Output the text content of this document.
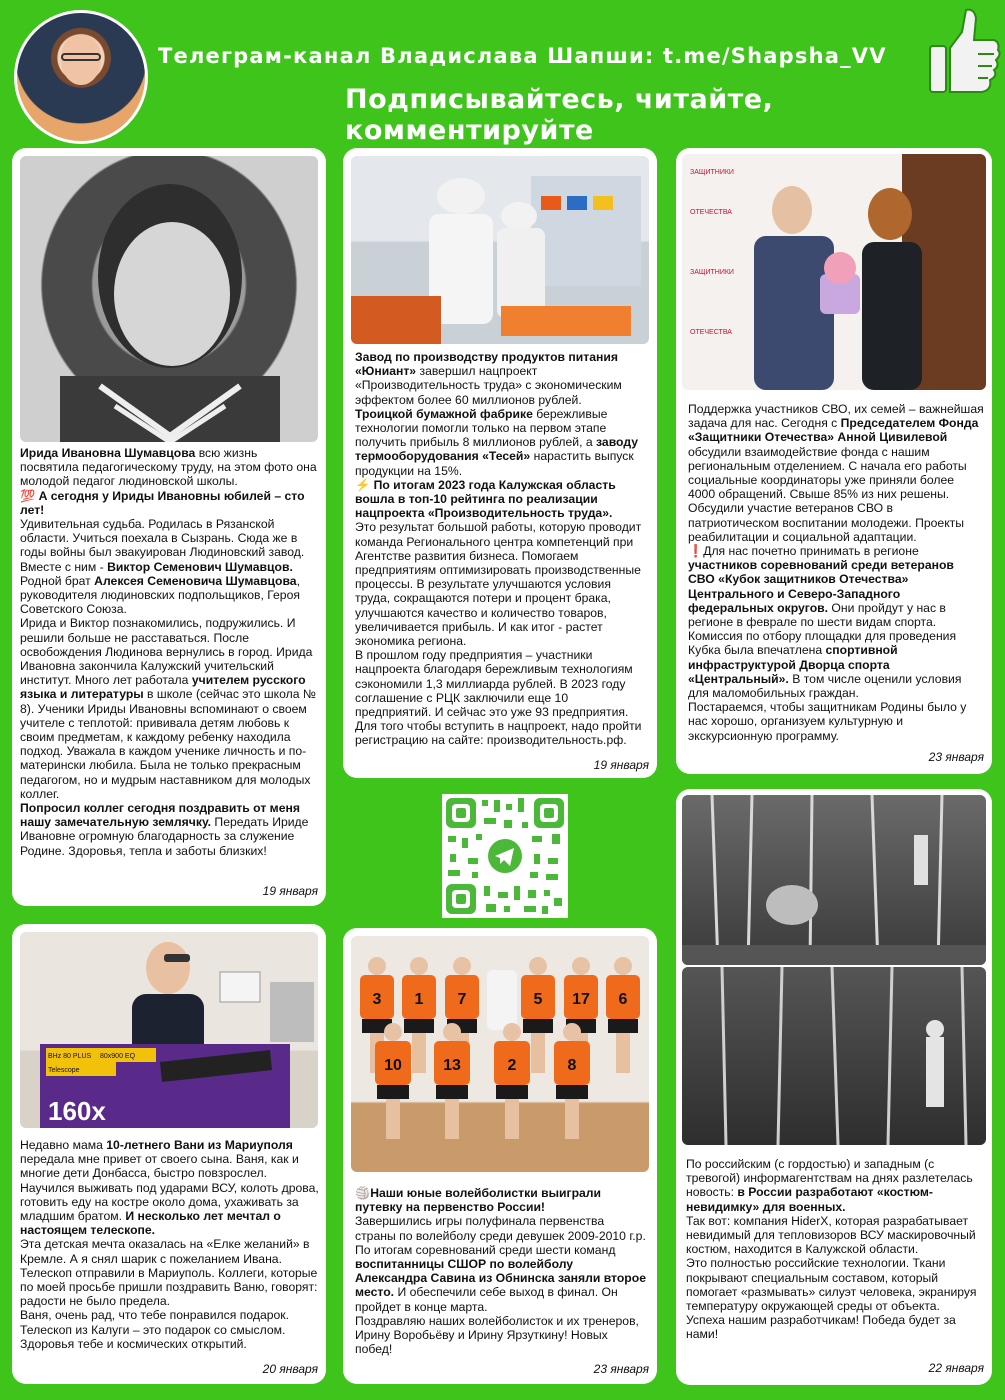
Телеграм-канал Владислава Шапши: t.me/Shapsha_VV
Подписывайтесь, читайте, комментируйте

Ирида Ивановна Шумавцова всю жизнь посвятила педагогическому труду, на этом фото она молодой педагог людиновской школы.

💯 А сегодня у Ириды Ивановны юбилей – сто лет!

Удивительная судьба. Родилась в Рязанской области. Учиться поехала в Сызрань. Сюда же в годы войны был эвакуирован Людиновский завод. Вместе с ним - Виктор Семенович Шумавцов. Родной брат Алексея Семеновича Шумавцова, руководителя людиновских подпольщиков, Героя Советского Союза.

Ирида и Виктор познакомились, подружились. И решили больше не расставаться. После освобождения Людинова вернулись в город. Ирида Ивановна закончила Калужский учительский институт. Много лет работала учителем русского языка и литературы в школе (сейчас это школа № 8). Ученики Ириды Ивановны вспоминают о своем учителе с теплотой: прививала детям любовь к своим предметам, к каждому ребенку находила подход. Уважала в каждом ученике личность и по-матерински любила. Была не только прекрасным педагогом, но и мудрым наставником для молодых коллег.

Попросил коллег сегодня поздравить от меня нашу замечательную землячку. Передать Ириде Ивановне огромную благодарность за служение Родине. Здоровья, тепла и заботы близких!

19 января

Завод по производству продуктов питания «Юниант» завершил нацпроект «Производительность труда» с экономическим эффектом более 60 миллионов рублей.

Троицкой бумажной фабрике бережливые технологии помогли только на первом этапе получить прибыль 8 миллионов рублей, а заводу термооборудования «Тесей» нарастить выпуск продукции на 15%.

⚡ По итогам 2023 года Калужская область вошла в топ-10 рейтинга по реализации нацпроекта «Производительность труда».

Это результат большой работы, которую проводит команда Регионального центра компетенций при Агентстве развития бизнеса. Помогаем предприятиям оптимизировать производственные процессы. В результате улучшаются условия труда, сокращаются потери и процент брака, улучшаются качество и количество товаров, увеличивается прибыль. И как итог - растет экономика региона.

В прошлом году предприятия – участники нацпроекта благодаря бережливым технологиям сэкономили 1,3 миллиарда рублей. В 2023 году соглашение с РЦК заключили еще 10 предприятий. И сейчас это уже 93 предприятия.

Для того чтобы вступить в нацпроект, надо пройти регистрацию на сайте: производительность.рф.

19 января
ЗАЩИТНИКИ
ОТЕЧЕСТВА
ЗАЩИТНИКИ
ОТЕЧЕСТВА

Поддержка участников СВО, их семей – важнейшая задача для нас. Сегодня с Председателем Фонда «Защитники Отечества» Анной Цивилевой обсудили взаимодействие фонда с нашим региональным отделением. С начала его работы социальные координаторы уже приняли более 4000 обращений. Свыше 85% из них решены.

Обсудили участие ветеранов СВО в патриотическом воспитании молодежи. Проекты реабилитации и социальной адаптации.

❗Для нас почетно принимать в регионе участников соревнований среди ветеранов СВО «Кубок защитников Отечества» Центрального и Северо-Западного федеральных округов. Они пройдут у нас в регионе в феврале по шести видам спорта. Комиссия по отбору площадки для проведения Кубка была впечатлена спортивной инфраструктурой Дворца спорта «Центральный». В том числе оценили условия для маломобильных граждан.

Постараемся, чтобы защитникам Родины было у нас хорошо, организуем культурную и экскурсионную программу.

23 января

По российским (с гордостью) и западным (с тревогой) информагентствам на днях разлетелась новость: в России разработают «костюм-невидимку» для военных.

Так вот: компания HiderX, которая разрабатывает невидимый для тепловизоров ВСУ маскировочный костюм, находится в Калужской области.

Это полностью российские технологии. Ткани покрывают специальным составом, который помогает «размывать» силуэт человека, экранируя температуру окружающей среды от объекта.

Успеха нашим разработчикам! Победа будет за нами!

22 января
BHz 80 PLUS
Telescope
80x900 EQ
160x

Недавно мама 10-летнего Вани из Мариуполя передала мне привет от своего сына. Ваня, как и многие дети Донбасса, быстро повзрослел. Научился выживать под ударами ВСУ, колоть дрова, готовить еду на костре около дома, ухаживать за младшим братом. И несколько лет мечтал о настоящем телескопе.

Эта детская мечта оказалась на «Елке желаний» в Кремле. А я снял шарик с пожеланием Ивана. Телескоп отправили в Мариуполь. Коллеги, которые по моей просьбе пришли поздравить Ваню, говорят: радости не было предела.

Ваня, очень рад, что тебе понравился подарок. Телескоп из Калуги – это подарок со смыслом. Здоровья тебе и космических открытий.

20 января
3 1 7	5 17 6
10	13	2	8

🏐Наши юные волейболистки выиграли путевку на первенство России!

Завершились игры полуфинала первенства страны по волейболу среди девушек 2009-2010 г.р. По итогам соревнований среди шести команд воспитанницы СШОР по волейболу Александра Савина из Обнинска заняли второе место. И обеспечили себе выход в финал. Он пройдет в конце марта.

Поздравляю наших волейболисток и их тренеров, Ирину Воробьёву и Ирину Ярзуткину! Новых побед!

23 января
